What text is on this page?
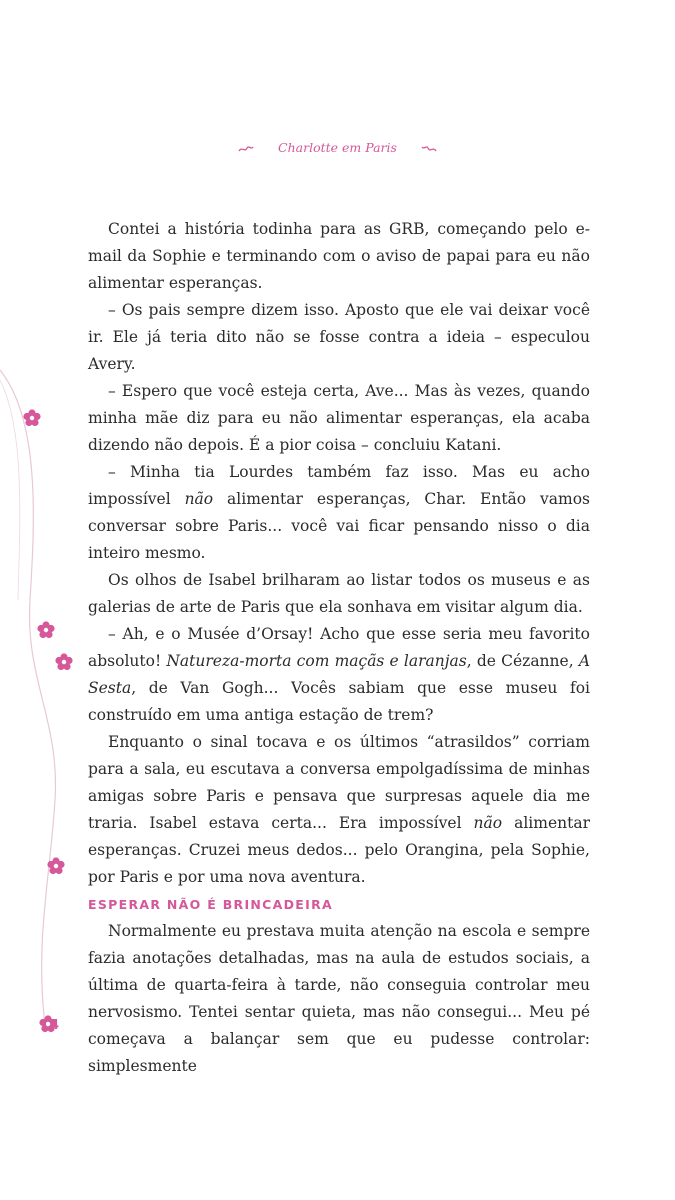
Charlotte em Paris

Contei a história todinha para as GRB, começando pelo e-mail da Sophie e terminando com o aviso de papai para eu não alimentar esperanças.

– Os pais sempre dizem isso. Aposto que ele vai deixar você ir. Ele já teria dito não se fosse contra a ideia – especulou Avery.

– Espero que você esteja certa, Ave... Mas às vezes, quando minha mãe diz para eu não alimentar esperanças, ela acaba dizendo não depois. É a pior coisa – concluiu Katani.

– Minha tia Lourdes também faz isso. Mas eu acho impossível não alimentar esperanças, Char. Então vamos conversar sobre Paris... você vai ficar pensando nisso o dia inteiro mesmo.

Os olhos de Isabel brilharam ao listar todos os museus e as galerias de arte de Paris que ela sonhava em visitar algum dia.

– Ah, e o Musée d’Orsay! Acho que esse seria meu favorito absoluto! Natureza-morta com maçãs e laranjas, de Cézanne, A Sesta, de Van Gogh... Vocês sabiam que esse museu foi construído em uma antiga estação de trem?

Enquanto o sinal tocava e os últimos “atrasildos” corriam para a sala, eu escutava a conversa empolgadíssima de minhas amigas sobre Paris e pensava que surpresas aquele dia me traria. Isabel estava certa... Era impossível não alimentar esperanças. Cruzei meus dedos... pelo Orangina, pela Sophie, por Paris e por uma nova aventura.

ESPERAR NÃO É BRINCADEIRA

Normalmente eu prestava muita atenção na escola e sempre fazia anotações detalhadas, mas na aula de estudos sociais, a última de quarta-feira à tarde, não conseguia controlar meu nervosismo. Tentei sentar quieta, mas não consegui... Meu pé começava a balançar sem que eu pudesse controlar: simplesmente

14
